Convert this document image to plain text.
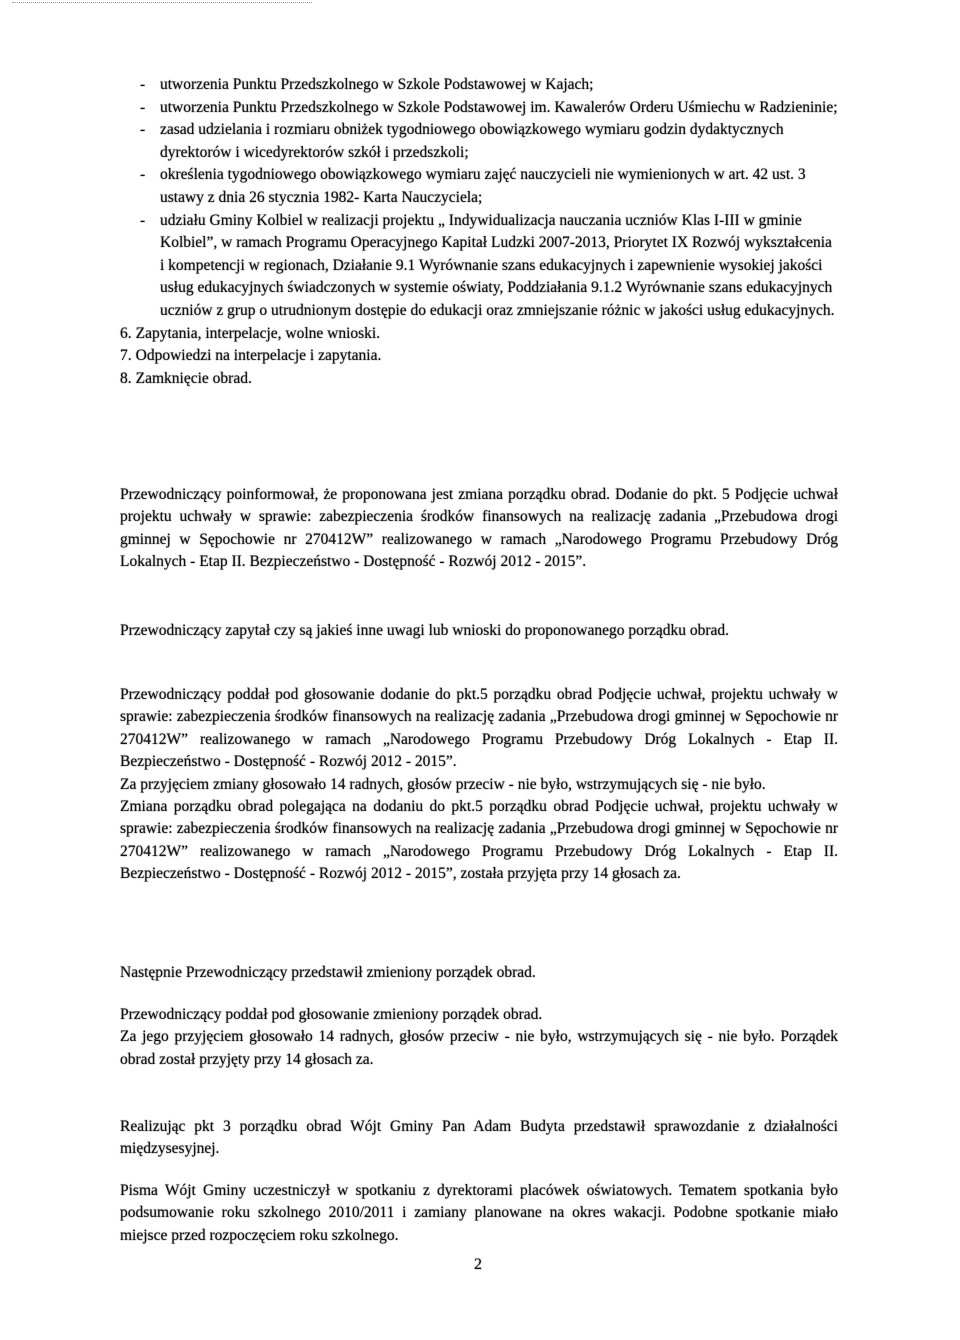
- utworzenia Punktu Przedszkolnego w Szkole Podstawowej w Kajach;

- utworzenia Punktu Przedszkolnego w Szkole Podstawowej im. Kawalerów Orderu Uśmiechu w Radzieninie;

- zasad udzielania i rozmiaru obniżek tygodniowego obowiązkowego wymiaru godzin dydaktycznych dyrektorów i wicedyrektorów szkół i przedszkoli;

- określenia tygodniowego obowiązkowego wymiaru zajęć nauczycieli nie wymienionych w art. 42 ust. 3 ustawy z dnia 26 stycznia 1982- Karta Nauczyciela;

- udziału Gminy Kolbiel w realizacji projektu „ Indywidualizacja nauczania uczniów Klas I-III w gminie Kolbiel”, w ramach Programu Operacyjnego Kapitał Ludzki 2007-2013, Priorytet IX Rozwój wykształcenia i kompetencji w regionach, Działanie 9.1 Wyrównanie szans edukacyjnych i zapewnienie wysokiej jakości usług edukacyjnych świadczonych w systemie oświaty, Poddziałania 9.1.2 Wyrównanie szans edukacyjnych uczniów z grup o utrudnionym dostępie do edukacji oraz zmniejszanie różnic w jakości usług edukacyjnych.

6. Zapytania, interpelacje, wolne wnioski.

7. Odpowiedzi na interpelacje i zapytania.

8. Zamknięcie obrad.

Przewodniczący poinformował, że proponowana jest zmiana porządku obrad. Dodanie do pkt. 5 Podjęcie uchwał projektu uchwały w sprawie: zabezpieczenia środków finansowych na realizację zadania „Przebudowa drogi gminnej w Sępochowie nr 270412W” realizowanego w ramach „Narodowego Programu Przebudowy Dróg Lokalnych - Etap II. Bezpieczeństwo - Dostępność - Rozwój 2012 - 2015”.

Przewodniczący zapytał czy są jakieś inne uwagi lub wnioski do proponowanego porządku obrad.

Przewodniczący poddał pod głosowanie dodanie do pkt.5 porządku obrad Podjęcie uchwał, projektu uchwały w sprawie: zabezpieczenia środków finansowych na realizację zadania „Przebudowa drogi gminnej w Sępochowie nr 270412W” realizowanego w ramach „Narodowego Programu Przebudowy Dróg Lokalnych - Etap II. Bezpieczeństwo - Dostępność - Rozwój 2012 - 2015”.

Za przyjęciem zmiany głosowało 14 radnych, głosów przeciw - nie było, wstrzymujących się - nie było.

Zmiana porządku obrad polegająca na dodaniu do pkt.5 porządku obrad Podjęcie uchwał, projektu uchwały w sprawie: zabezpieczenia środków finansowych na realizację zadania „Przebudowa drogi gminnej w Sępochowie nr 270412W” realizowanego w ramach „Narodowego Programu Przebudowy Dróg Lokalnych - Etap II. Bezpieczeństwo - Dostępność - Rozwój 2012 - 2015”, została przyjęta przy 14 głosach za.

Następnie Przewodniczący przedstawił zmieniony porządek obrad.

Przewodniczący poddał pod głosowanie zmieniony porządek obrad.

Za jego przyjęciem głosowało 14 radnych, głosów przeciw - nie było, wstrzymujących się - nie było. Porządek obrad został przyjęty przy 14 głosach za.

Realizując pkt 3 porządku obrad Wójt Gminy Pan Adam Budyta przedstawił sprawozdanie z działalności międzysesyjnej.

Pisma Wójt Gminy uczestniczył w spotkaniu z dyrektorami placówek oświatowych. Tematem spotkania było podsumowanie roku szkolnego 2010/2011 i zamiany planowane na okres wakacji. Podobne spotkanie miało miejsce przed rozpoczęciem roku szkolnego.

2
